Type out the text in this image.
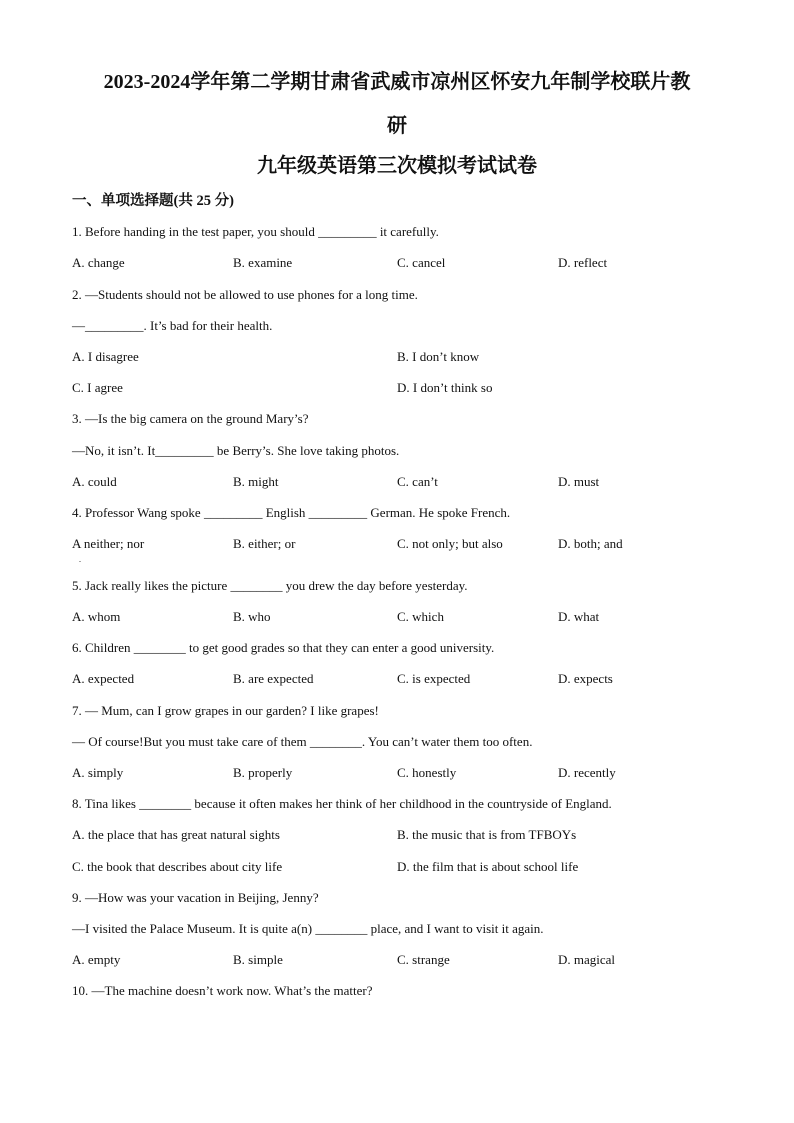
2023-2024学年第二学期甘肃省武威市凉州区怀安九年制学校联片教
研
九年级英语第三次模拟考试试卷
一、单项选择题(共 25 分)
1. Before handing in the test paper, you should _________ it carefully.
A. change	B. examine	C. cancel	D. reflect
2. —Students should not be allowed to use phones for a long time.
—_________. It’s bad for their health.
A. I disagree	B. I don’t know
C. I agree	D. I don’t think so
3. —Is the big camera on the ground Mary’s?
—No, it isn’t. It_________ be Berry’s. She love taking photos.
A. could	B. might	C. can’t	D. must
4. Professor Wang spoke _________ English _________ German. He spoke French.
A neither; nor	B. either; or	C. not only; but also	D. both; and
.
5. Jack really likes the picture ________ you drew the day before yesterday.
A. whom	B. who	C. which	D. what
6. Children ________ to get good grades so that they can enter a good university.
A. expected	B. are expected	C. is expected	D. expects
7. — Mum, can I grow grapes in our garden? I like grapes!
— Of course!But you must take care of them ________. You can’t water them too often.
A. simply	B. properly	C. honestly	D. recently
8. Tina likes ________ because it often makes her think of her childhood in the countryside of England.
A. the place that has great natural sights	B. the music that is from TFBOYs
C. the book that describes about city life	D. the film that is about school life
9. —How was your vacation in Beijing, Jenny?
—I visited the Palace Museum. It is quite a(n) ________ place, and I want to visit it again.
A. empty	B. simple	C. strange	D. magical
10. —The machine doesn’t work now. What’s the matter?
